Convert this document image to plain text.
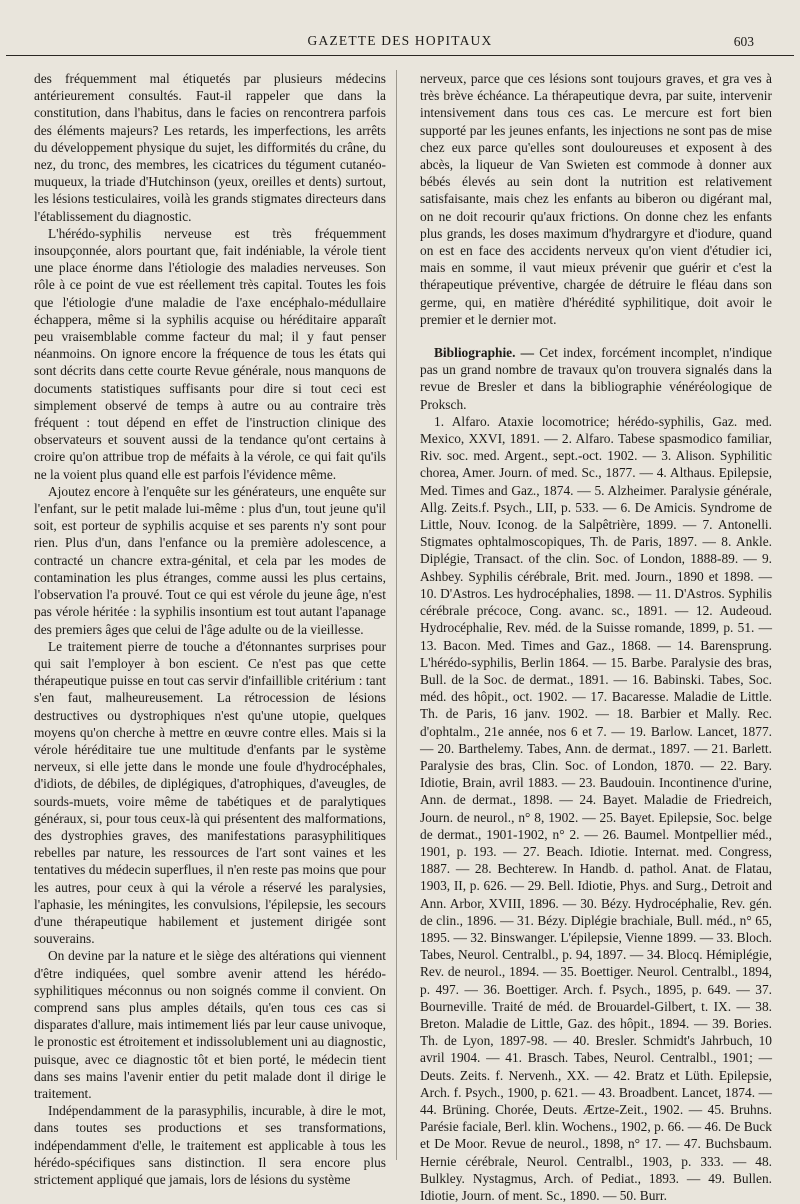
GAZETTE DES HOPITAUX	603

des fréquemment mal étiquetés par plusieurs médecins antérieurement consultés. Faut-il rappeler que dans la constitution, dans l'habitus, dans le facies on rencontrera parfois des éléments majeurs? Les retards, les imperfections, les arrêts du développement physique du sujet, les difformités du crâne, du nez, du tronc, des membres, les cicatrices du tégument cutanéo-muqueux, la triade d'Hutchinson (yeux, oreilles et dents) surtout, les lésions testiculaires, voilà les grands stigmates directeurs dans l'établissement du diagnostic.

L'hérédo-syphilis nerveuse est très fréquemment insoupçonnée, alors pourtant que, fait indéniable, la vérole tient une place énorme dans l'étiologie des maladies nerveuses. Son rôle à ce point de vue est réellement très capital. Toutes les fois que l'étiologie d'une maladie de l'axe encéphalo-médullaire échappera, même si la syphilis acquise ou héréditaire apparaît peu vraisemblable comme facteur du mal; il y faut penser néanmoins. On ignore encore la fréquence de tous les états qui sont décrits dans cette courte Revue générale, nous manquons de documents statistiques suffisants pour dire si tout ceci est simplement observé de temps à autre ou au contraire très fréquent : tout dépend en effet de l'instruction clinique des observateurs et souvent aussi de la tendance qu'ont certains à croire qu'on attribue trop de méfaits à la vérole, ce qui fait qu'ils ne la voient plus quand elle est parfois l'évidence même.

Ajoutez encore à l'enquête sur les générateurs, une enquête sur l'enfant, sur le petit malade lui-même : plus d'un, tout jeune qu'il soit, est porteur de syphilis acquise et ses parents n'y sont pour rien. Plus d'un, dans l'enfance ou la première adolescence, a contracté un chancre extra-génital, et cela par les modes de contamination les plus étranges, comme aussi les plus certains, l'observation l'a prouvé. Tout ce qui est vérole du jeune âge, n'est pas vérole héritée : la syphilis insontium est tout autant l'apanage des premiers âges que celui de l'âge adulte ou de la vieillesse.

Le traitement pierre de touche a d'étonnantes surprises pour qui sait l'employer à bon escient. Ce n'est pas que cette thérapeutique puisse en tout cas servir d'infaillible critérium : tant s'en faut, malheureusement. La rétrocession de lésions destructives ou dystrophiques n'est qu'une utopie, quelques moyens qu'on cherche à mettre en œuvre contre elles. Mais si la vérole héréditaire tue une multitude d'enfants par le système nerveux, si elle jette dans le monde une foule d'hydrocéphales, d'idiots, de débiles, de diplégiques, d'atrophiques, d'aveugles, de sourds-muets, voire même de tabétiques et de paralytiques généraux, si, pour tous ceux-là qui présentent des malformations, des dystrophies graves, des manifestations parasyphilitiques rebelles par nature, les ressources de l'art sont vaines et les tentatives du médecin superflues, il n'en reste pas moins que pour les autres, pour ceux à qui la vérole a réservé les paralysies, l'aphasie, les méningites, les convulsions, l'épilepsie, les secours d'une thérapeutique habilement et justement dirigée sont souverains.

On devine par la nature et le siège des altérations qui viennent d'être indiquées, quel sombre avenir attend les hérédo-syphilitiques méconnus ou non soignés comme il convient. On comprend sans plus amples détails, qu'en tous ces cas si disparates d'allure, mais intimement liés par leur cause univoque, le pronostic est étroitement et indissolublement uni au diagnostic, puisque, avec ce diagnostic tôt et bien porté, le médecin tient dans ses mains l'avenir entier du petit malade dont il dirige le traitement.

Indépendamment de la parasyphilis, incurable, à dire le mot, dans toutes ses productions et ses transformations, indépendamment d'elle, le traitement est applicable à tous les hérédo-spécifiques sans distinction. Il sera encore plus strictement appliqué que jamais, lors de lésions du système

nerveux, parce que ces lésions sont toujours graves, et gra ves à très brève échéance. La thérapeutique devra, par suite, intervenir intensivement dans tous ces cas. Le mercure est fort bien supporté par les jeunes enfants, les injections ne sont pas de mise chez eux parce qu'elles sont douloureuses et exposent à des abcès, la liqueur de Van Swieten est commode à donner aux bébés élevés au sein dont la nutrition est relativement satisfaisante, mais chez les enfants au biberon ou digérant mal, on ne doit recourir qu'aux frictions. On donne chez les enfants plus grands, les doses maximum d'hydrargyre et d'iodure, quand on est en face des accidents nerveux qu'on vient d'étudier ici, mais en somme, il vaut mieux prévenir que guérir et c'est la thérapeutique préventive, chargée de détruire le fléau dans son germe, qui, en matière d'hérédité syphilitique, doit avoir le premier et le dernier mot.

Bibliographie. — Cet index, forcément incomplet, n'indique pas un grand nombre de travaux qu'on trouvera signalés dans la revue de Bresler et dans la bibliographie vénéréologique de Proksch.

1. Alfaro. Ataxie locomotrice; hérédo-syphilis, Gaz. med. Mexico, XXVI, 1891. — 2. Alfaro. Tabese spasmodico familiar, Riv. soc. med. Argent., sept.-oct. 1902. — 3. Alison. Syphilitic chorea, Amer. Journ. of med. Sc., 1877. — 4. Althaus. Epilepsie, Med. Times and Gaz., 1874. — 5. Alzheimer. Paralysie générale, Allg. Zeits.f. Psych., LII, p. 533. — 6. De Amicis. Syndrome de Little, Nouv. Iconog. de la Salpêtrière, 1899. — 7. Antonelli. Stigmates ophtalmoscopiques, Th. de Paris, 1897. — 8. Ankle. Diplégie, Transact. of the clin. Soc. of London, 1888-89. — 9. Ashbey. Syphilis cérébrale, Brit. med. Journ., 1890 et 1898. — 10. D'Astros. Les hydrocéphalies, 1898. — 11. D'Astros. Syphilis cérébrale précoce, Cong. avanc. sc., 1891. — 12. Audeoud. Hydrocéphalie, Rev. méd. de la Suisse romande, 1899, p. 51. — 13. Bacon. Med. Times and Gaz., 1868. — 14. Barensprung. L'hérédo-syphilis, Berlin 1864. — 15. Barbe. Paralysie des bras, Bull. de la Soc. de dermat., 1891. — 16. Babinski. Tabes, Soc. méd. des hôpit., oct. 1902. — 17. Bacaresse. Maladie de Little. Th. de Paris, 16 janv. 1902. — 18. Barbier et Mally. Rec. d'ophtalm., 21e année, nos 6 et 7. — 19. Barlow. Lancet, 1877. — 20. Barthelemy. Tabes, Ann. de dermat., 1897. — 21. Barlett. Paralysie des bras, Clin. Soc. of London, 1870. — 22. Bary. Idiotie, Brain, avril 1883. — 23. Baudouin. Incontinence d'urine, Ann. de dermat., 1898. — 24. Bayet. Maladie de Friedreich, Journ. de neurol., n° 8, 1902. — 25. Bayet. Epilepsie, Soc. belge de dermat., 1901-1902, n° 2. — 26. Baumel. Montpellier méd., 1901, p. 193. — 27. Beach. Idiotie. Internat. med. Congress, 1887. — 28. Bechterew. In Handb. d. pathol. Anat. de Flatau, 1903, II, p. 626. — 29. Bell. Idiotie, Phys. and Surg., Detroit and Ann. Arbor, XVIII, 1896. — 30. Bézy. Hydrocéphalie, Rev. gén. de clin., 1896. — 31. Bézy. Diplégie brachiale, Bull. méd., n° 65, 1895. — 32. Binswanger. L'épilepsie, Vienne 1899. — 33. Bloch. Tabes, Neurol. Centralbl., p. 94, 1897. — 34. Blocq. Hémiplégie, Rev. de neurol., 1894. — 35. Boettiger. Neurol. Centralbl., 1894, p. 497. — 36. Boettiger. Arch. f. Psych., 1895, p. 649. — 37. Bourneville. Traité de méd. de Brouardel-Gilbert, t. IX. — 38. Breton. Maladie de Little, Gaz. des hôpit., 1894. — 39. Bories. Th. de Lyon, 1897-98. — 40. Bresler. Schmidt's Jahrbuch, 10 avril 1904. — 41. Brasch. Tabes, Neurol. Centralbl., 1901; — Deuts. Zeits. f. Nervenh., XX. — 42. Bratz et Lüth. Epilepsie, Arch. f. Psych., 1900, p. 621. — 43. Broadbent. Lancet, 1874. — 44. Brüning. Chorée, Deuts. Ærtze-Zeit., 1902. — 45. Bruhns. Parésie faciale, Berl. klin. Wochens., 1902, p. 66. — 46. De Buck et De Moor. Revue de neurol., 1898, n° 17. — 47. Buchsbaum. Hernie cérébrale, Neurol. Centralbl., 1903, p. 333. — 48. Bulkley. Nystagmus, Arch. of Pediat., 1893. — 49. Bullen. Idiotie, Journ. of ment. Sc., 1890. — 50. Burr.
